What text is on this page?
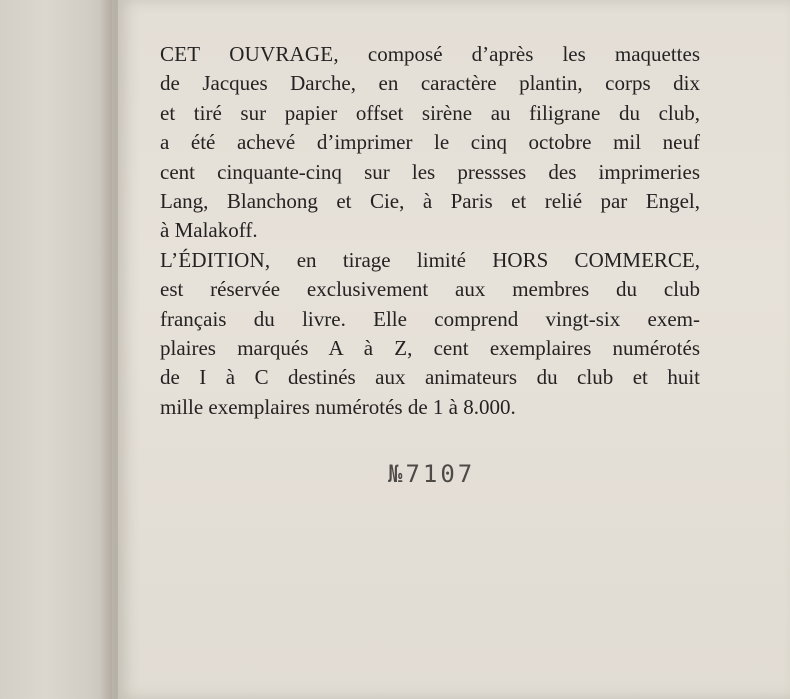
CET OUVRAGE, composé d’après les maquettes
de Jacques Darche, en caractère plantin, corps dix
et tiré sur papier offset sirène au filigrane du club,
a été achevé d’imprimer le cinq octobre mil neuf
cent cinquante-cinq sur les pressses des imprimeries
Lang, Blanchong et Cie, à Paris et relié par Engel,
à Malakoff.
L’ÉDITION, en tirage limité HORS COMMERCE,
est réservée exclusivement aux membres du club
français du livre. Elle comprend vingt-six exem-
plaires marqués A à Z, cent exemplaires numérotés
de I à C destinés aux animateurs du club et huit
mille exemplaires numérotés de 1 à 8.000.
№7107
